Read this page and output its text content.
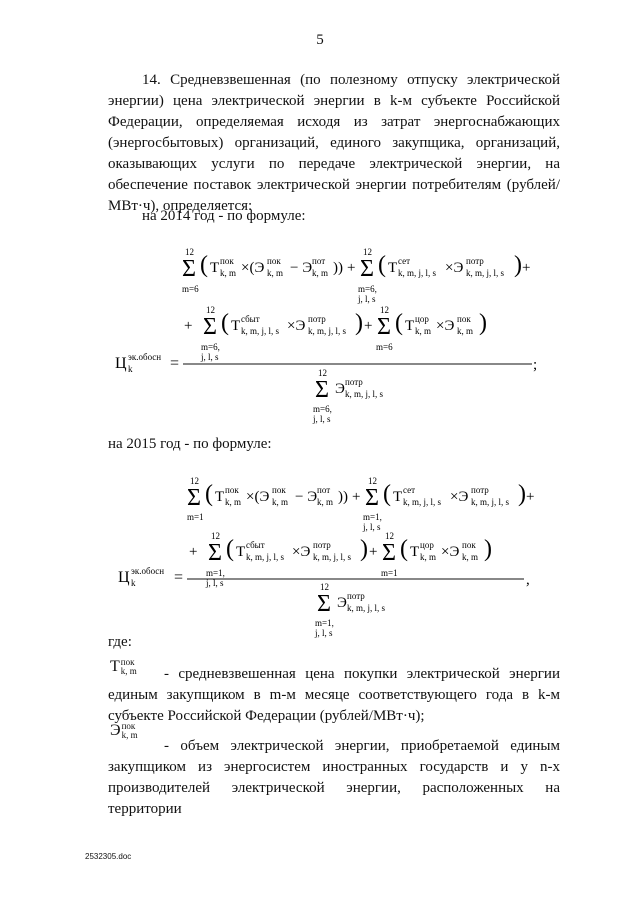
5

14. Средневзвешенная (по полезному отпуску электрической энергии) цена электрической энергии в k-м субъекте Российской Федерации, определяемая исходя из затрат энергоснабжающих (энергосбытовых) организаций, единого закупщика, организаций, оказывающих услуги по передаче электрической энергии, на обеспечение поставок электрической энергии потребителям (рублей/МВт·ч), определяется:

на 2014 год - по формуле:
12
Σ
m=6
( Т пок
k, m ×(Э пок
k, m − Э пот
k, m )) +
12
Σ
m=6,
j, l, s
( Т сет
k, m, j, l, s ×Э потр
k, m, j, l, s ) +
+
12
Σ
m=6,
j, l, s
( Т сбыт
k, m, j, l, s ×Э потр
k, m, j, l, s ) +
12
Σ
m=6
( Т цор
k, m ×Э пок
k, m )
Ц эк.обосн
k =	;
12
Σ
m=6,
j, l, s
Э потр
k, m, j, l, s
на 2015 год - по формуле:
12
Σ
m=1
( Т пок
k, m ×(Э пок
k, m − Э пот
k, m )) +
12
Σ
m=1,
j, l, s
( Т сет
k, m, j, l, s ×Э потр
k, m, j, l, s ) +
+
12
Σ
m=1,
j, l, s
( Т сбыт
k, m, j, l, s ×Э потр
k, m, j, l, s ) +
12
Σ
m=1
( Т цор
k, m ×Э пок
k, m )
Ц эк.обосн
k =	,
12
Σ
m=1,
j, l, s
Э потр
k, m, j, l, s
где:
Т пок
k, m	- средневзвешенная цена покупки электрической энергии единым закупщиком в m-м месяце соответствующего года в k-м субъекте Российской Федерации (рублей/МВт·ч);

Э пок
k, m

- объем электрической энергии, приобретаемой единым закупщиком из энергосистем иностранных государств и у n-х производителей электрической энергии, расположенных на территории

2532305.doc
